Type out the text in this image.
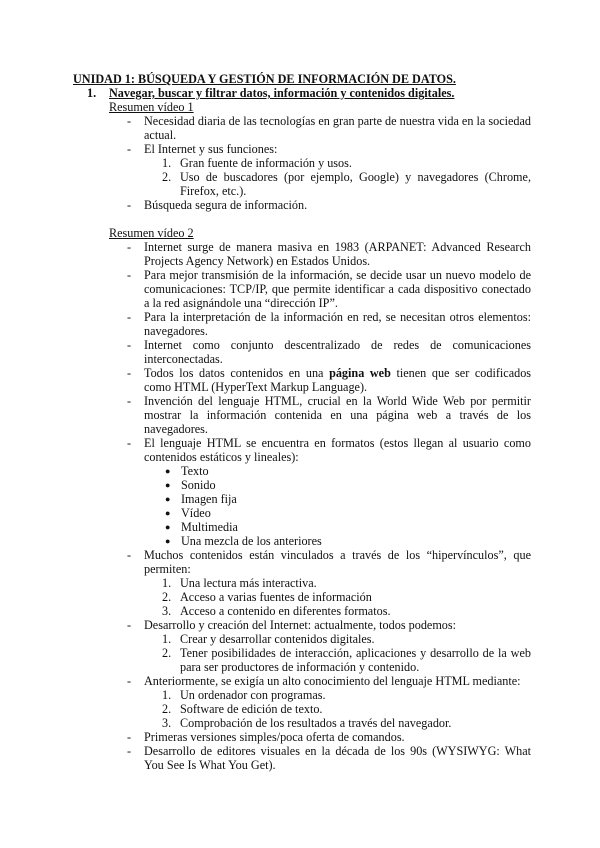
UNIDAD 1: BÚSQUEDA Y GESTIÓN DE INFORMACIÓN DE DATOS.
1. Navegar, buscar y filtrar datos, información y contenidos digitales.

Resumen vídeo 1

- Necesidad diaria de las tecnologías en gran parte de nuestra vida en la sociedad actual.
- El Internet y sus funciones:
1. Gran fuente de información y usos.
2. Uso de buscadores (por ejemplo, Google) y navegadores (Chrome, Firefox, etc.).
- Búsqueda segura de información.

Resumen vídeo 2

- Internet surge de manera masiva en 1983 (ARPANET: Advanced Research Projects Agency Network) en Estados Unidos.
- Para mejor transmisión de la información, se decide usar un nuevo modelo de comunicaciones: TCP/IP, que permite identificar a cada dispositivo conectado a la red asignándole una “dirección IP”.
- Para la interpretación de la información en red, se necesitan otros elementos: navegadores.
- Internet como conjunto descentralizado de redes de comunicaciones interconectadas.
- Todos los datos contenidos en una página web tienen que ser codificados como HTML (HyperText Markup Language).
- Invención del lenguaje HTML, crucial en la World Wide Web por permitir mostrar la información contenida en una página web a través de los navegadores.
- El lenguaje HTML se encuentra en formatos (estos llegan al usuario como contenidos estáticos y lineales):
● Texto
● Sonido
● Imagen fija
● Vídeo
● Multimedia
● Una mezcla de los anteriores
- Muchos contenidos están vinculados a través de los “hipervínculos”, que permiten:
1. Una lectura más interactiva.
2. Acceso a varias fuentes de información
3. Acceso a contenido en diferentes formatos.
- Desarrollo y creación del Internet: actualmente, todos podemos:
1. Crear y desarrollar contenidos digitales.
2. Tener posibilidades de interacción, aplicaciones y desarrollo de la web para ser productores de información y contenido.
- Anteriormente, se exigía un alto conocimiento del lenguaje HTML mediante:
1. Un ordenador con programas.
2. Software de edición de texto.
3. Comprobación de los resultados a través del navegador.
- Primeras versiones simples/poca oferta de comandos.
- Desarrollo de editores visuales en la década de los 90s (WYSIWYG: What You See Is What You Get).
